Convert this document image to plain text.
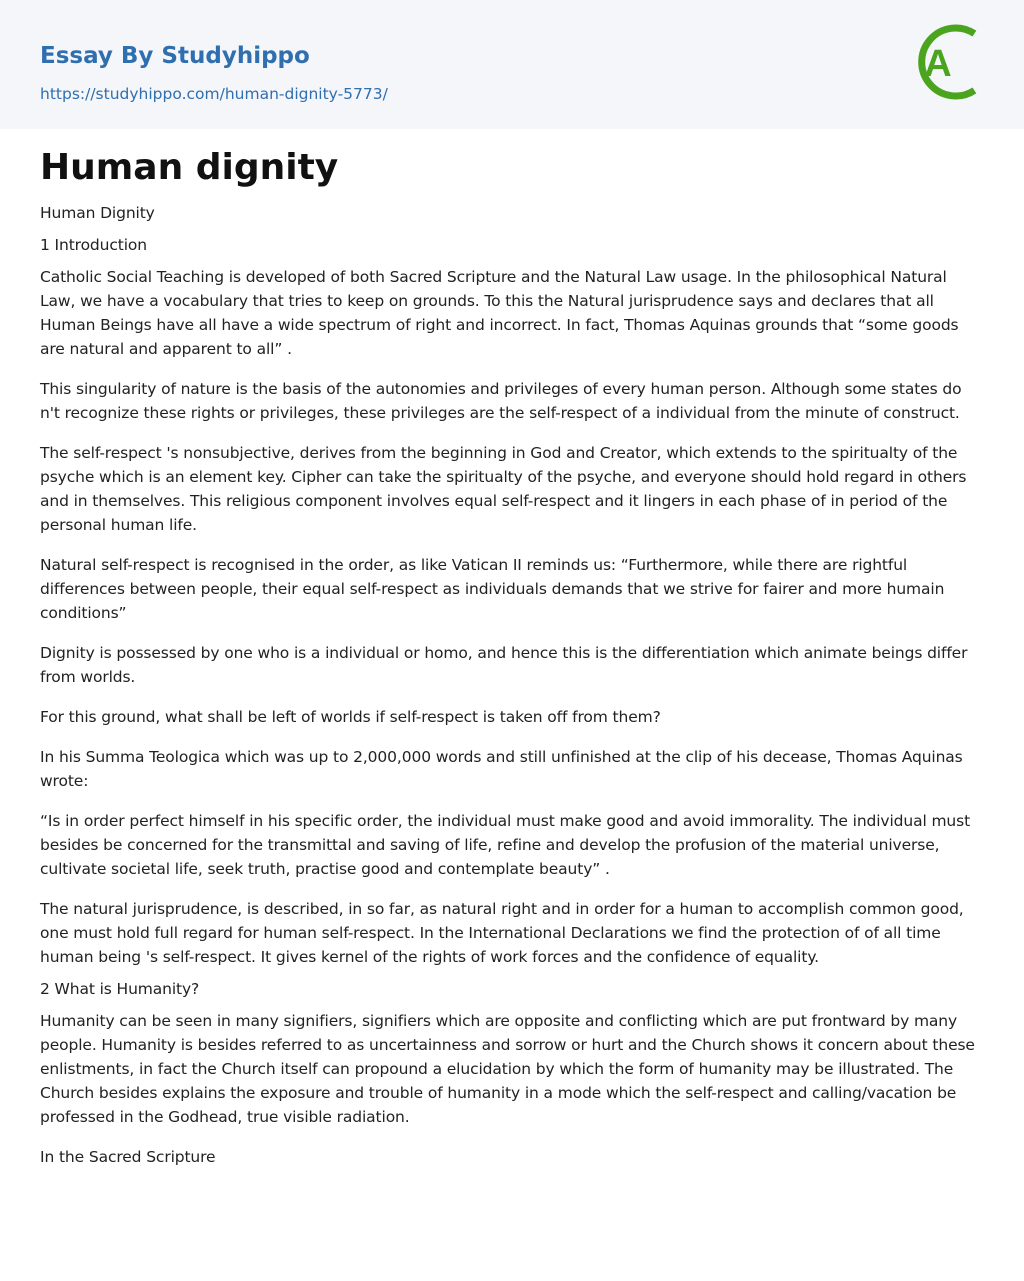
Essay By Studyhippo
https://studyhippo.com/human-dignity-5773/
A
Human dignity

Human Dignity

1 Introduction

Catholic Social Teaching is developed of both Sacred Scripture and the Natural Law usage. In the philosophical Natural Law, we have a vocabulary that tries to keep on grounds. To this the Natural jurisprudence says and declares that all Human Beings have all have a wide spectrum of right and incorrect. In fact, Thomas Aquinas grounds that “some goods are natural and apparent to all” .

This singularity of nature is the basis of the autonomies and privileges of every human person. Although some states do n't recognize these rights or privileges, these privileges are the self-respect of a individual from the minute of construct.

The self-respect 's nonsubjective, derives from the beginning in God and Creator, which extends to the spiritualty of the psyche which is an element key. Cipher can take the spiritualty of the psyche, and everyone should hold regard in others and in themselves. This religious component involves equal self-respect and it lingers in each phase of in period of the personal human life.

Natural self-respect is recognised in the order, as like Vatican II reminds us: “Furthermore, while there are rightful differences between people, their equal self-respect as individuals demands that we strive for fairer and more humain conditions”

Dignity is possessed by one who is a individual or homo, and hence this is the differentiation which animate beings differ from worlds.

For this ground, what shall be left of worlds if self-respect is taken off from them?

In his Summa Teologica which was up to 2,000,000 words and still unfinished at the clip of his decease, Thomas Aquinas wrote:

“Is in order perfect himself in his specific order, the individual must make good and avoid immorality. The individual must besides be concerned for the transmittal and saving of life, refine and develop the profusion of the material universe, cultivate societal life, seek truth, practise good and contemplate beauty” .

The natural jurisprudence, is described, in so far, as natural right and in order for a human to accomplish common good, one must hold full regard for human self-respect. In the International Declarations we find the protection of of all time human being 's self-respect. It gives kernel of the rights of work forces and the confidence of equality.

2 What is Humanity?

Humanity can be seen in many signifiers, signifiers which are opposite and conflicting which are put frontward by many people. Humanity is besides referred to as uncertainness and sorrow or hurt and the Church shows it concern about these enlistments, in fact the Church itself can propound a elucidation by which the form of humanity may be illustrated. The Church besides explains the exposure and trouble of humanity in a mode which the self-respect and calling/vacation be professed in the Godhead, true visible radiation.

In the Sacred Scripture
